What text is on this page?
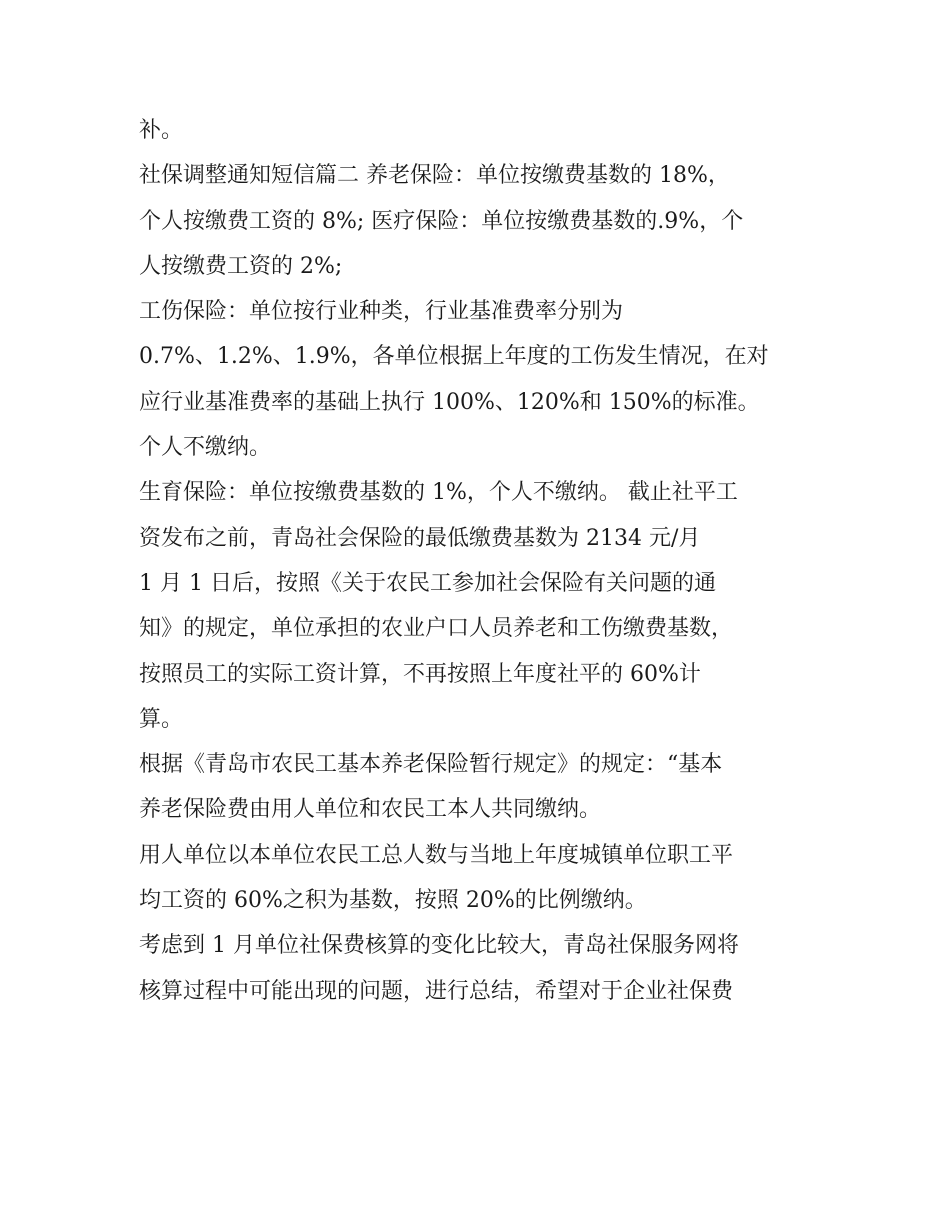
补。
社保调整通知短信篇二 养老保险：单位按缴费基数的 18%，
个人按缴费工资的 8%; 医疗保险：单位按缴费基数的.9%，个
人按缴费工资的 2%;
工伤保险：单位按行业种类，行业基准费率分别为
0.7%、1.2%、1.9%，各单位根据上年度的工伤发生情况，在对
应行业基准费率的基础上执行 100%、120%和 150%的标准。
个人不缴纳。
生育保险：单位按缴费基数的 1%，个人不缴纳。 截止社平工
资发布之前，青岛社会保险的最低缴费基数为 2134 元/月
1 月 1 日后，按照《关于农民工参加社会保险有关问题的通
知》的规定，单位承担的农业户口人员养老和工伤缴费基数，
按照员工的实际工资计算，不再按照上年度社平的 60%计
算。
根据《青岛市农民工基本养老保险暂行规定》的规定：“基本
养老保险费由用人单位和农民工本人共同缴纳。
用人单位以本单位农民工总人数与当地上年度城镇单位职工平
均工资的 60%之积为基数，按照 20%的比例缴纳。
考虑到 1 月单位社保费核算的变化比较大，青岛社保服务网将
核算过程中可能出现的问题，进行总结，希望对于企业社保费
